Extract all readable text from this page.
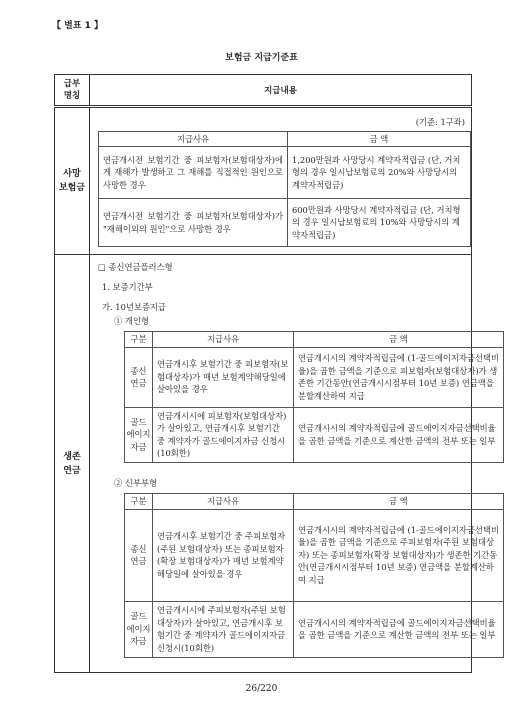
【 별표 1 】
보험금 지급기준표
급부
명칭	지급내용
사망
보험금	
(기준: 1구좌)
지급사유	금 액
연금개시전 보험기간 중 피보험자(보험대상자)에게 재해가 발생하고 그 재해를 직접적인 원인으로 사망한 경우	1,200만원과 사망당시 계약자적립금 (단, 거치형의 경우 일시납보험료의 20%와 사망당시의 계약자적립금)
연금개시전 보험기간 중 피보험자(보험대상자)가 "재해이외의 원인"으로 사망한 경우	600만원과 사망당시 계약자적립금 (단, 거치형의 경우 일시납보험료의 10%와 사망당시의 계약자적립금)

생존
연금	
□ 종신연금플러스형
1. 보증기간부
가. 10년보증지급
① 개인형
구분	지급사유	금 액
종신
연금	연금개시후 보험기간 중 피보험자(보험대상자)가 매년 보험계약해당일에 살아있을 경우	연금개시시의 계약자적립금에 (1-골드에이지자금선택비율)을 곱한 금액을 기준으로 피보험자(보험대상자)가 생존한 기간동안(연금개시시점부터 10년 보증) 연금액을 분할계산하여 지급
골드
에이지
자금	연금개시시에 피보험자(보험대상자)가 살아있고, 연금개시후 보험기간 중 계약자가 골드에이지자금 신청시(10회한)	연금개시시의 계약자적립금에 골드에이지자금선택비율을 곱한 금액을 기준으로 계산한 금액의 전부 또는 일부
② 신부부형
구분	지급사유	금 액
종신
연금	연금개시후 보험기간 중 주피보험자(주된 보험대상자) 또는 종피보험자(확장 보험대상자)가 매년 보험계약해당일에 살아있을 경우	연금개시시의 계약자적립금에 (1-골드에이지자금선택비율)을 곱한 금액을 기준으로 주피보험자(주된 보험대상자) 또는 종피보험자(확장 보험대상자)가 생존한 기간동안(연금개시시점부터 10년 보증) 연금액을 분할계산하여 지급
골드
에이지
자금	연금개시시에 주피보험자(주된 보험대상자)가 살아있고, 연금개시후 보험기간 중 계약자가 골드에이지자금 신청시(10회한)	연금개시시의 계약자적립금에 골드에이지자금선택비율을 곱한 금액을 기준으로 계산한 금액의 전부 또는 일부
26/220
